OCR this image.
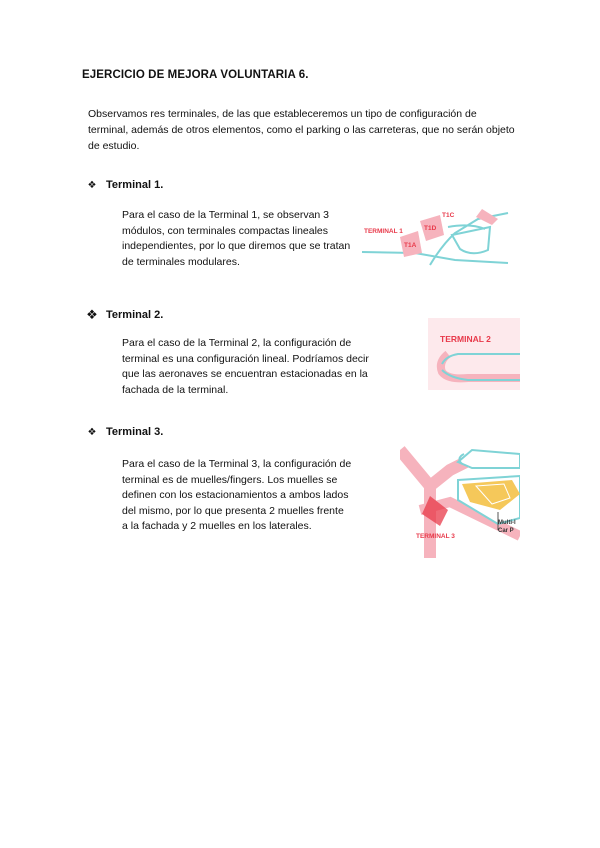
EJERCICIO DE MEJORA VOLUNTARIA 6.
Observamos res terminales, de las que estableceremos un tipo de configuración de terminal, además de otros elementos, como el parking o las carreteras, que no serán objeto de estudio.
❖ Terminal 1.
Para el caso de la Terminal 1, se observan 3 módulos, con terminales compactas lineales independientes, por lo que diremos que se tratan de terminales modulares.
TERMINAL 1
T1C
T1D
T1A
❖ Terminal 2.
Para el caso de la Terminal 2, la configuración de terminal es una configuración lineal. Podríamos decir que las aeronaves se encuentran estacionadas en la fachada de la terminal.
TERMINAL 2
❖ Terminal 3.
Para el caso de la Terminal 3, la configuración de terminal es de muelles/fingers. Los muelles se definen con los estacionamientos a ambos lados del mismo, por lo que presenta 2 muelles frente a la fachada y 2 muelles en los laterales.	Multi-l
Car P
TERMINAL 3
